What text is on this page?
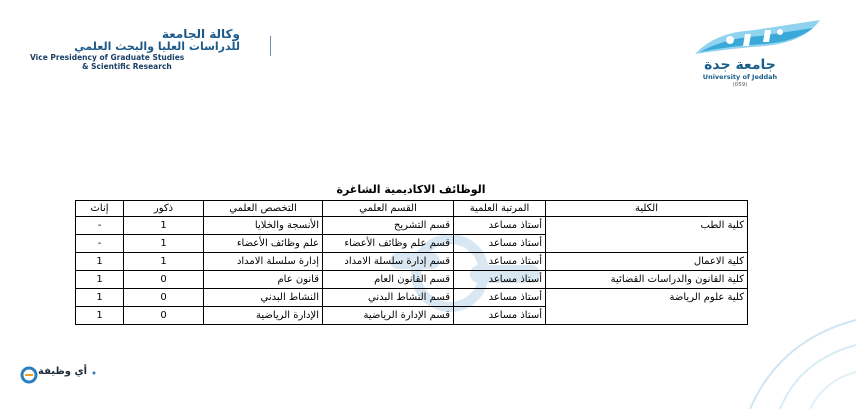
وكالة الجامعة
للدراسات العليا والبحث العلمي
Vice Presidency of Graduate Studies
& Scientific Research	جامعة جدة
University of Jeddah
(059)
الوظائف الاكاديمية الشاغرة
الكلية	المرتبة العلمية	القسم العلمي	التخصص العلمي	ذكور	إناث
كلية الطب	أستاذ مساعد	قسم التشريح	الأنسجة والخلايا	1	-
	أستاذ مساعد	قسم علم وظائف الأعضاء	علم وظائف الأعضاء	1	-
كلية الاعمال	أستاذ مساعد	قسم إدارة سلسلة الامداد	إدارة سلسلة الامداد	1	1
كلية القانون والدراسات القضائية	أستاذ مساعد	قسم القانون العام	قانون عام	0	1
كلية علوم الرياضة	أستاذ مساعد	قسم النشاط البدني	النشاط البدني	0	1
	أستاذ مساعد	قسم الإدارة الرياضية	الإدارة الرياضية	0	1
أي وظيفة
